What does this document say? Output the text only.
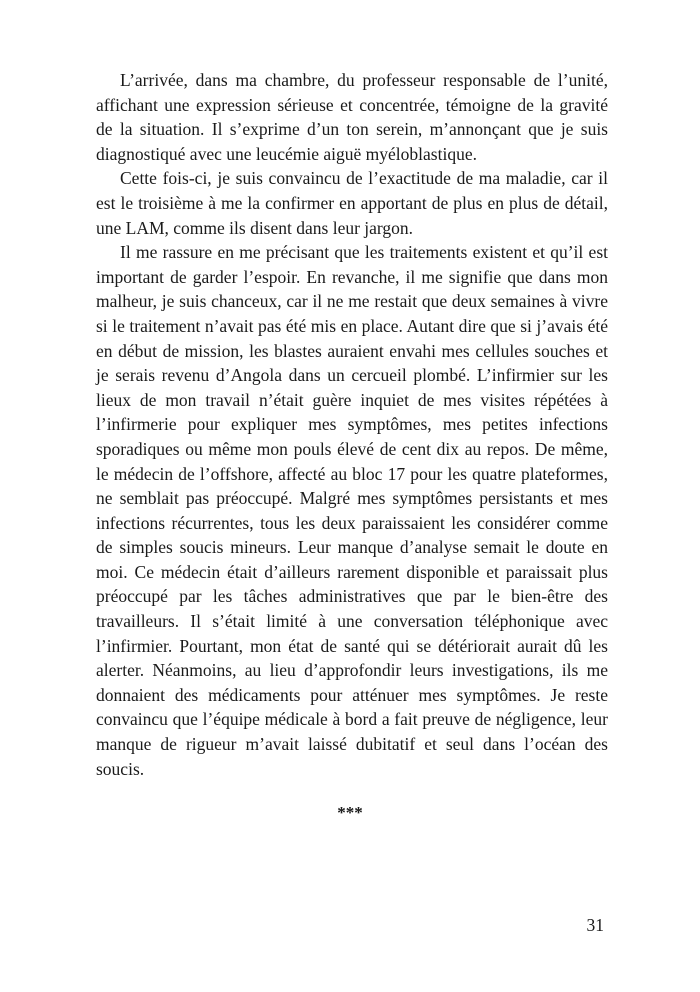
L’arrivée, dans ma chambre, du professeur responsable de l’unité, affichant une expression sérieuse et concentrée, témoigne de la gravité de la situation. Il s’exprime d’un ton serein, m’annonçant que je suis diagnostiqué avec une leucémie aiguë myéloblastique.

Cette fois-ci, je suis convaincu de l’exactitude de ma maladie, car il est le troisième à me la confirmer en apportant de plus en plus de détail, une LAM, comme ils disent dans leur jargon.

Il me rassure en me précisant que les traitements existent et qu’il est important de garder l’espoir. En revanche, il me signifie que dans mon malheur, je suis chanceux, car il ne me restait que deux semaines à vivre si le traitement n’avait pas été mis en place. Autant dire que si j’avais été en début de mission, les blastes auraient envahi mes cellules souches et je serais revenu d’Angola dans un cercueil plombé. L’infirmier sur les lieux de mon travail n’était guère inquiet de mes visites répétées à l’infirmerie pour expliquer mes symptômes, mes petites infections sporadiques ou même mon pouls élevé de cent dix au repos. De même, le médecin de l’offshore, affecté au bloc 17 pour les quatre plateformes, ne semblait pas préoccupé. Malgré mes symptômes persistants et mes infections récurrentes, tous les deux paraissaient les considérer comme de simples soucis mineurs. Leur manque d’analyse semait le doute en moi. Ce médecin était d’ailleurs rarement disponible et paraissait plus préoccupé par les tâches administratives que par le bien-être des travailleurs. Il s’était limité à une conversation téléphonique avec l’infirmier. Pourtant, mon état de santé qui se détériorait aurait dû les alerter. Néanmoins, au lieu d’approfondir leurs investigations, ils me donnaient des médicaments pour atténuer mes symptômes. Je reste convaincu que l’équipe médicale à bord a fait preuve de négligence, leur manque de rigueur m’avait laissé dubitatif et seul dans l’océan des soucis.

***
31
